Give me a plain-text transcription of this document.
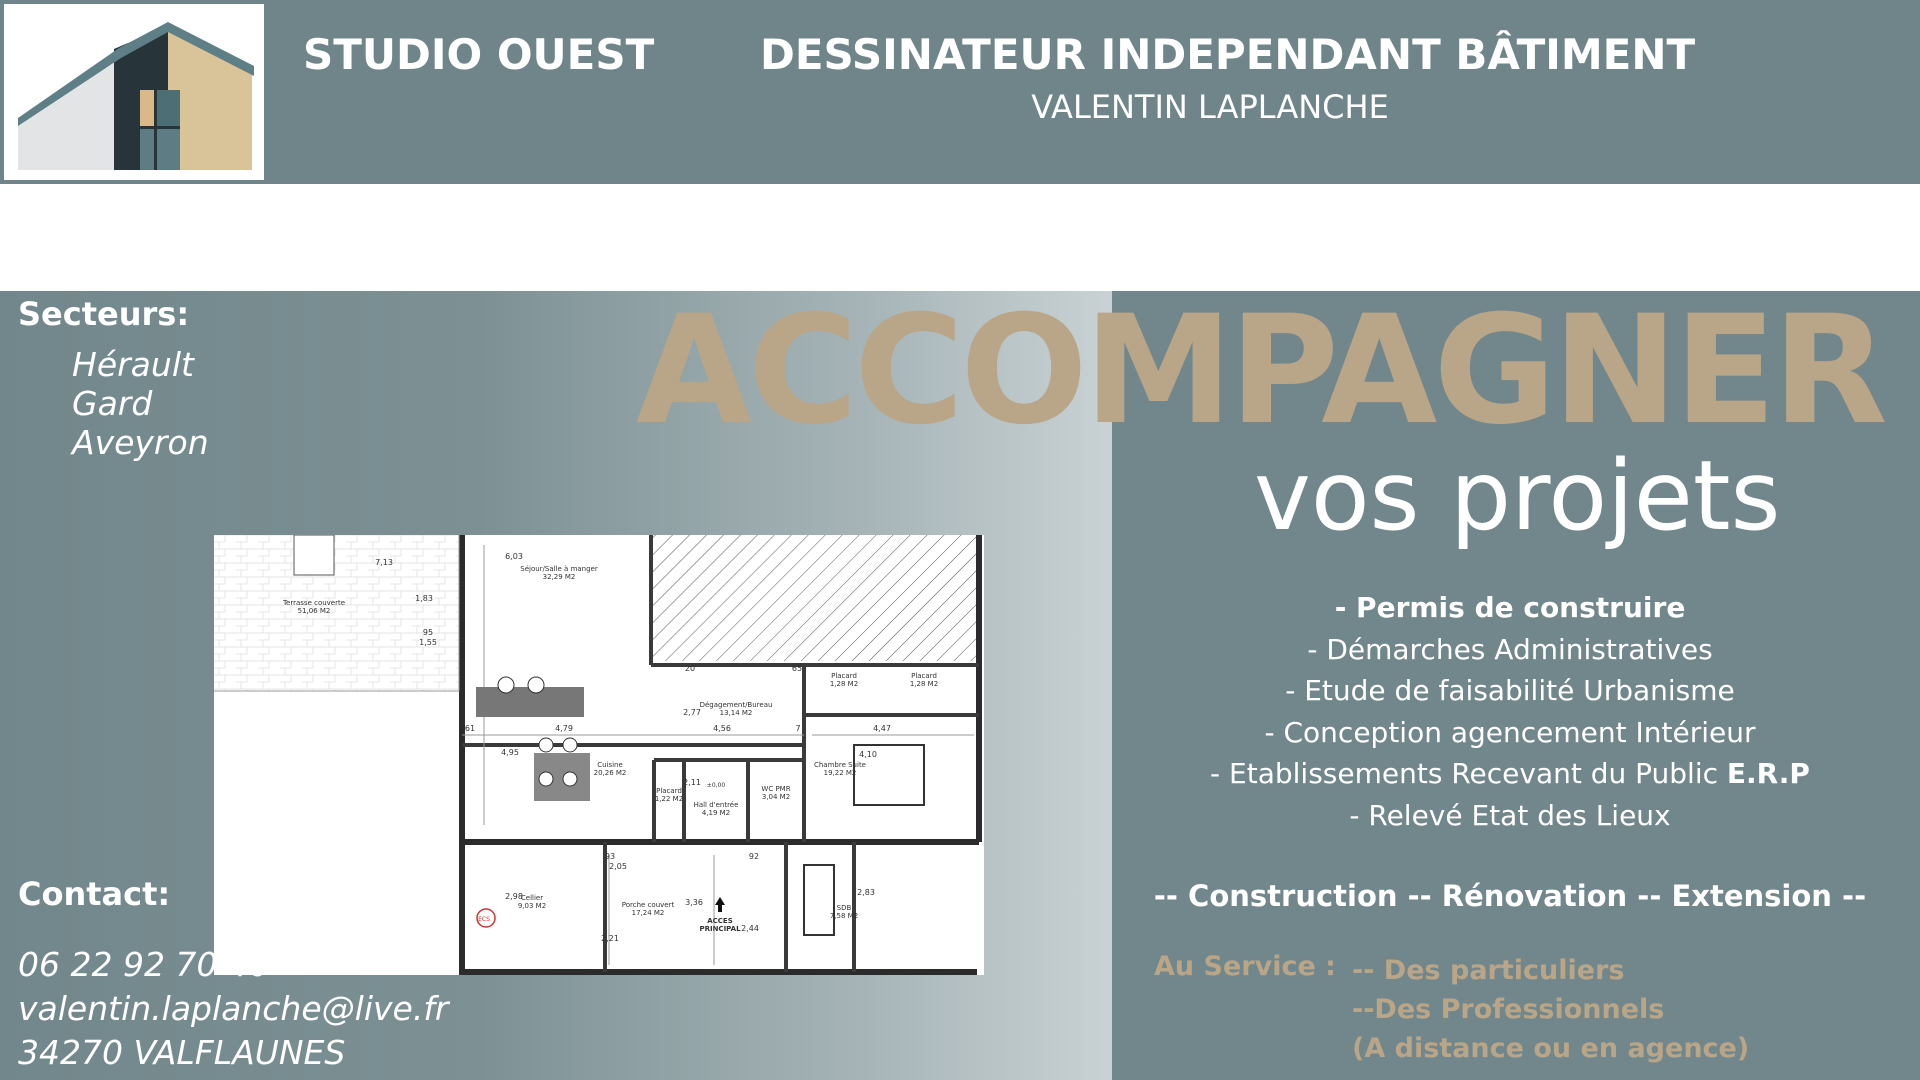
STUDIO OUEST	DESSINATEUR INDEPENDANT BÂTIMENT
VALENTIN LAPLANCHE
Secteurs:
Hérault
Gard
Aveyron	ACCOMPAGNER
vos projets
Terrasse couverte
51,06 M2
Séjour/Salle à manger
32,29 M2
Dégagement/Bureau
13,14 M2
Placard
1,28 M2
Placard
1,28 M2
Cuisine
20,26 M2
Chambre Suite
19,22 M2
WC PMR
3,04 M2
Hall d'entrée
4,19 M2
Placard
1,22 M2
Cellier
9,03 M2	Porche couvert
17,24 M2
SDB
7,58 M2
ACCES
PRINCIPAL
ECS
±0,00
4,79	4,56	4,47
7,13
1,83
1,55
6,03
4,95
2,77
2,11
4,10
2,98
2,21
3,36
2,44
2,83
2,05
95
61
20	65
7
93	92
- Permis de construire
- Démarches Administratives
- Etude de faisabilité Urbanisme
- Conception agencement Intérieur
- Etablissements Recevant du Public E.R.P
- Relevé Etat des Lieux
-- Construction -- Rénovation -- Extension --
Au Service : -- Des particuliers
--Des Professionnels
(A distance ou en agence)
Contact:
06 22 92 70 40
valentin.laplanche@live.fr
34270 VALFLAUNES
